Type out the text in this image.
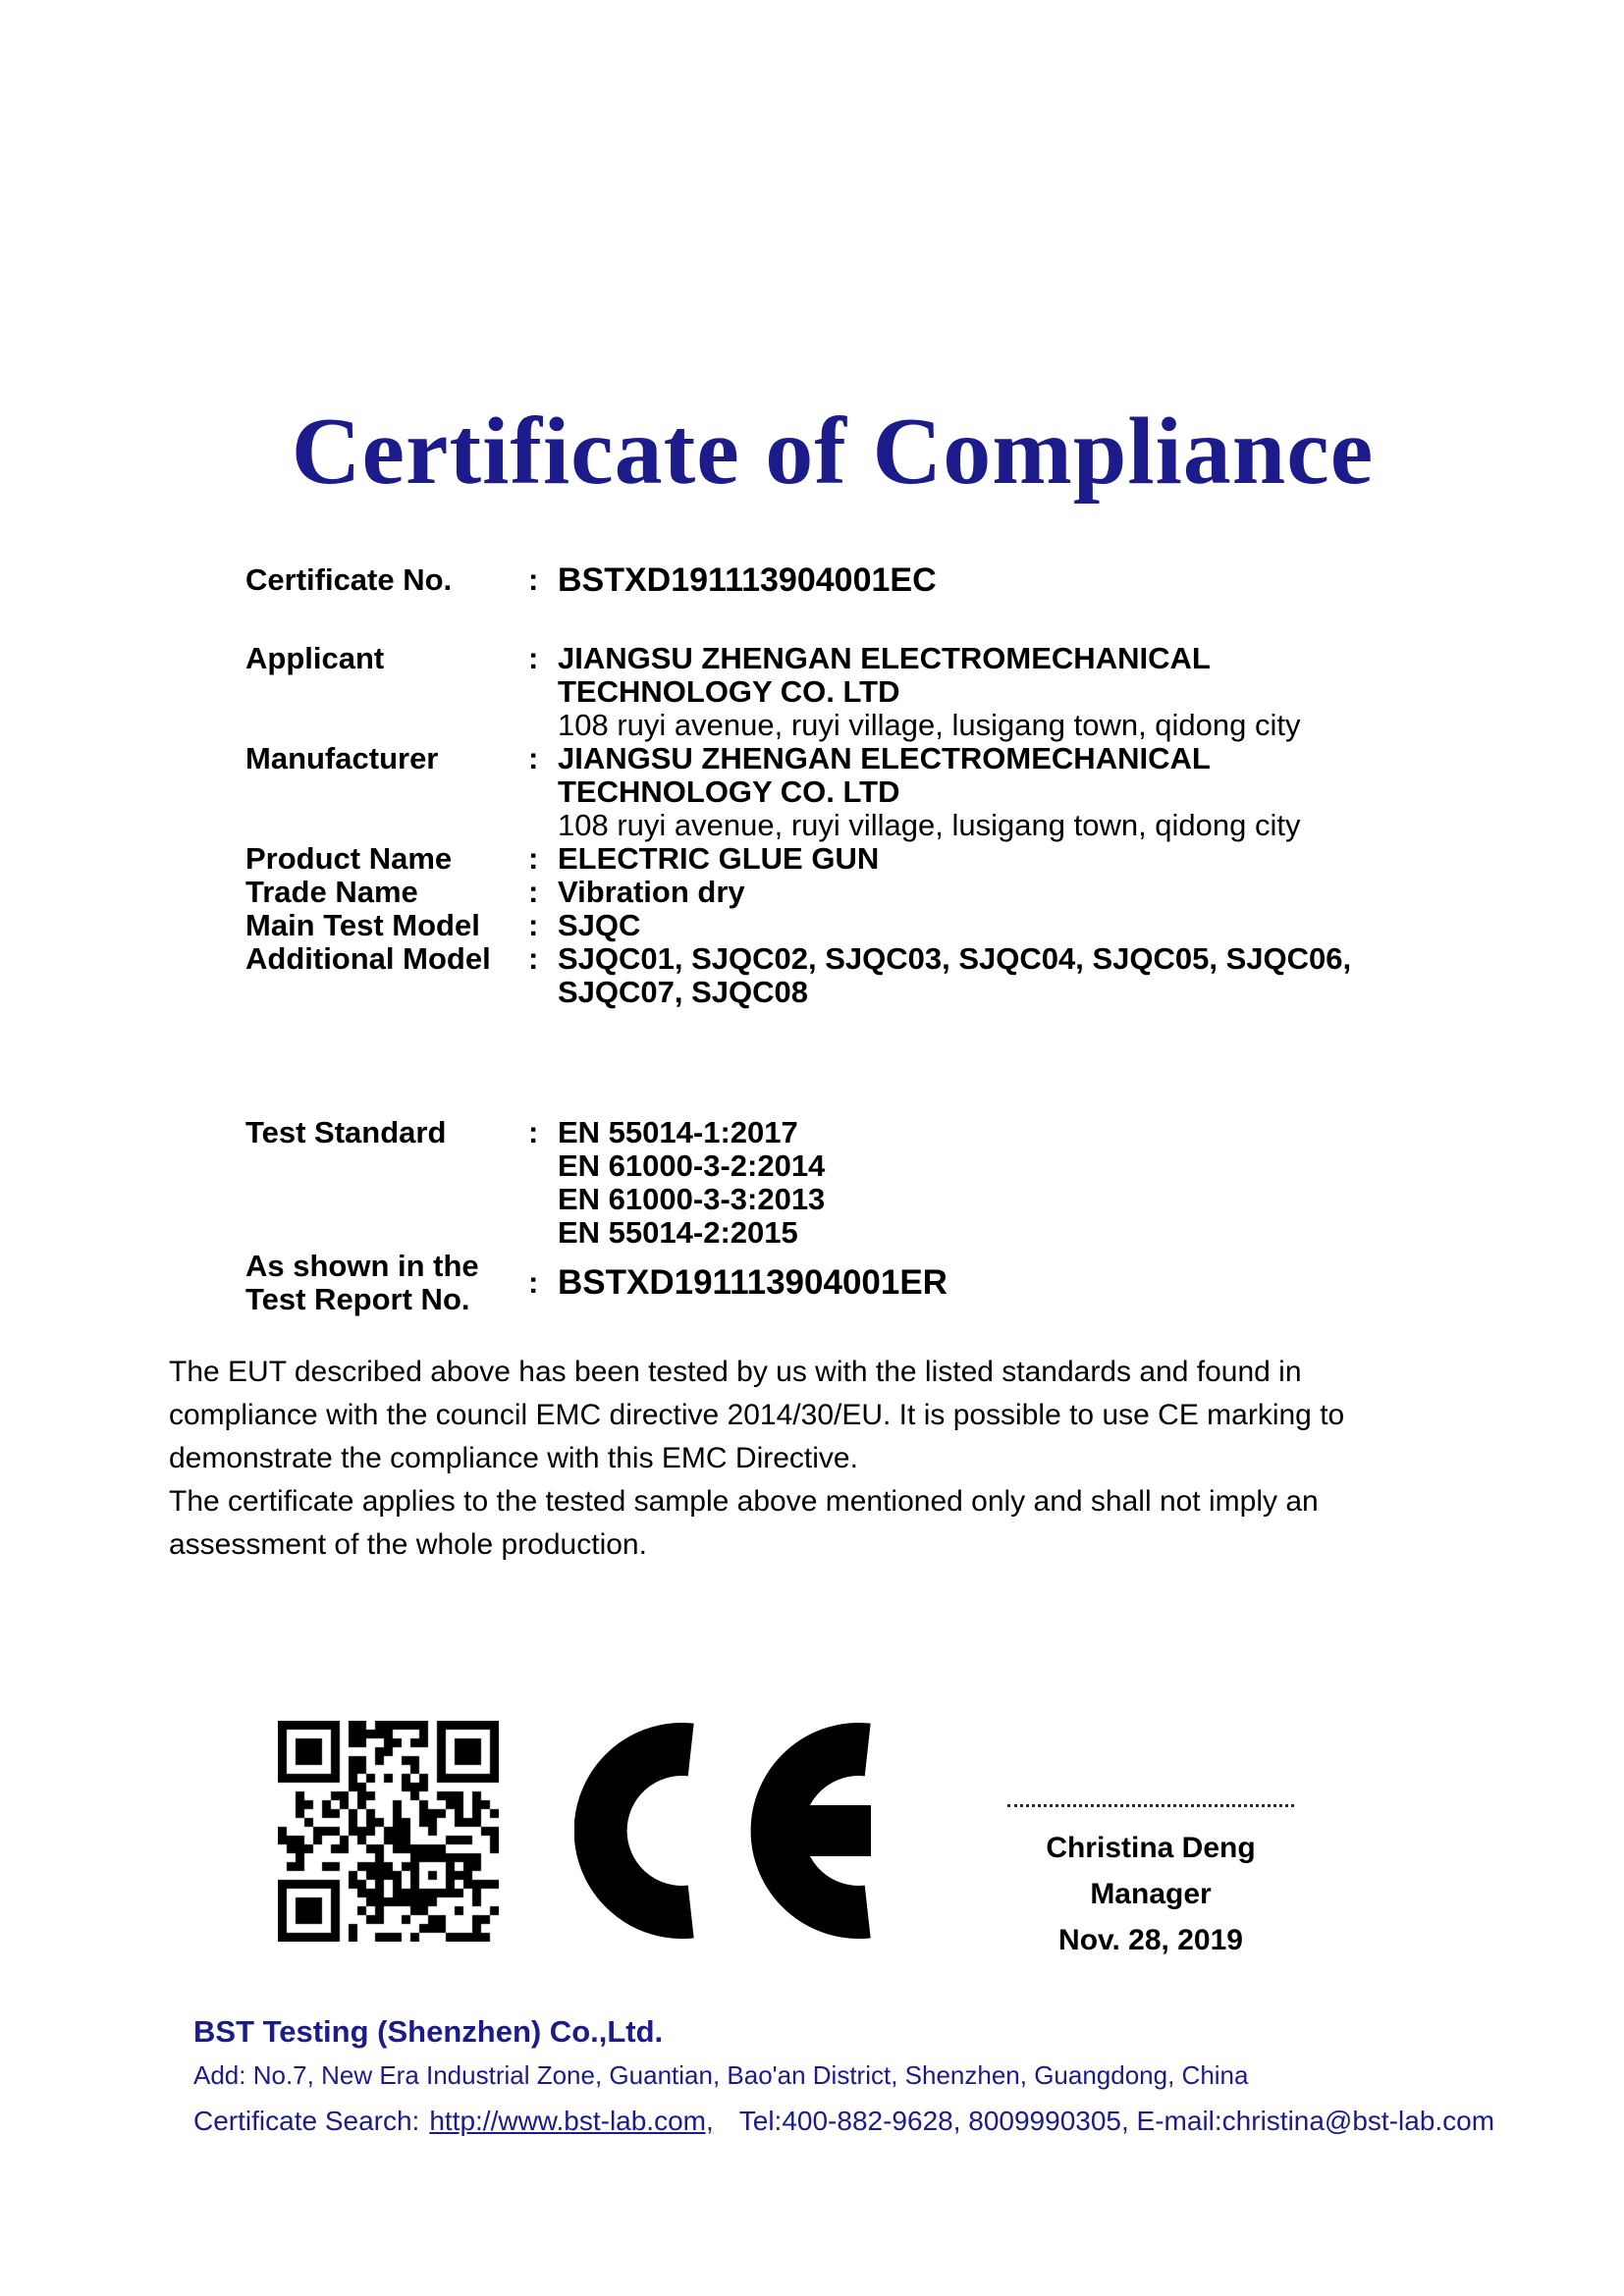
Certificate of Compliance
Certificate No.	: BSTXD191113904001EC
Applicant	: JIANGSU ZHENGAN ELECTROMECHANICAL
TECHNOLOGY CO. LTD
108 ruyi avenue, ruyi village, lusigang town, qidong city
Manufacturer	: JIANGSU ZHENGAN ELECTROMECHANICAL
TECHNOLOGY CO. LTD
108 ruyi avenue, ruyi village, lusigang town, qidong city
Product Name	: ELECTRIC GLUE GUN
Trade Name	: Vibration dry
Main Test Model	: SJQC
Additional Model	: SJQC01, SJQC02, SJQC03, SJQC04, SJQC05, SJQC06,
SJQC07, SJQC08
Test Standard	: EN 55014-1:2017
EN 61000-3-2:2014
EN 61000-3-3:2013
EN 55014-2:2015
As shown in the
Test Report No.	: BSTXD191113904001ER

The EUT described above has been tested by us with the listed standards and found in compliance with the council EMC directive 2014/30/EU. It is possible to use CE marking to demonstrate the compliance with this EMC Directive.

The certificate applies to the tested sample above mentioned only and shall not imply an assessment of the whole production.

Christina Deng
Manager
Nov. 28, 2019
BST Testing (Shenzhen) Co.,Ltd.
Add: No.7, New Era Industrial Zone, Guantian, Bao'an District, Shenzhen, Guangdong, China
Certificate Search: http://www.bst-lab.com, Tel:400-882-9628, 8009990305, E-mail:christina@bst-lab.com
